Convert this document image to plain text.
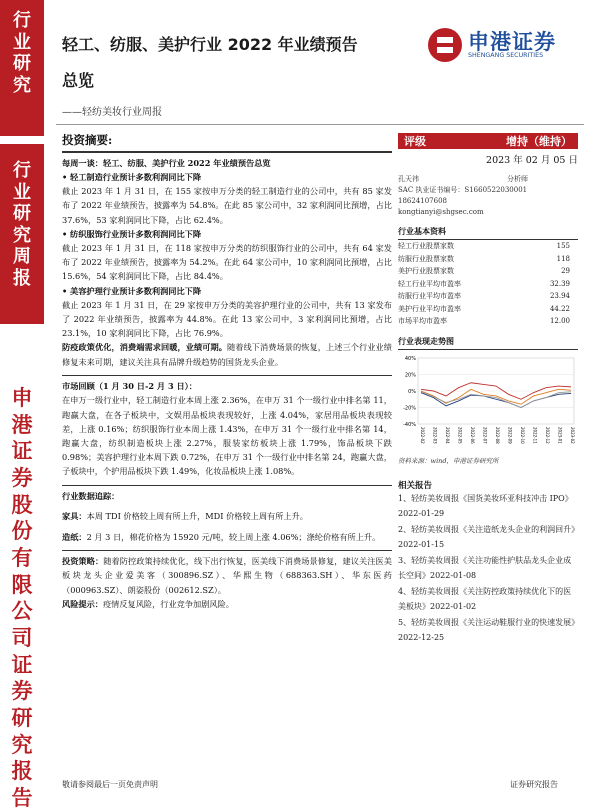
行
业
研
究
行
业
研
究
周
报
申
港
证
券
股
份
有
限
公
司
证
券
研
究
报
告
轻工、纺服、美护行业 2022 年业绩预告
总览
——轻纺美妆行业周报
申港证券
SHENGANG SECURITIES
投资摘要:

每周一谈：轻工、纺服、美护行业 2022 年业绩预告总览

• 轻工制造行业预计多数利润同比下降

截止 2023 年 1 月 31 日，在 155 家按申万分类的轻工制造行业的公司中，共有 85 家发布了 2022 年业绩预告，披露率为 54.8%。在此 85 家公司中，32 家利润同比預增，占比 37.6%，53 家利润同比下降，占比 62.4%。

• 纺织服饰行业预计多数利润同比下降

截止 2023 年 1 月 31 日，在 118 家按申万分类的纺织服饰行业的公司中，共有 64 家发布了 2022 年业绩预告，披露率为 54.2%。在此 64 家公司中，10 家利润同比預增，占比 15.6%，54 家利润同比下降，占比 84.4%。

• 美容护理行业预计多数利润同比下降

截止 2023 年 1 月 31 日，在 29 家按申万分类的美容护理行业的公司中，共有 13 家发布了 2022 年业绩预告，披露率为 44.8%。在此 13 家公司中，3 家利润同比預增，占比 23.1%，10 家利润同比下降，占比 76.9%。

防疫政策优化，消费端需求回暖，业绩可期。随着线下消费场景的恢复，上述三个行业业绩修复未来可期，建议关注具有品牌升级趋势的国货龙头企业。

市场回顾（1 月 30 日-2 月 3 日）：

在申万一级行业中，轻工制造行业本周上涨 2.36%，在申万 31 个一级行业中排名第 11，跑赢大盘，在各子板块中，文娱用品板块表现较好，上涨 4.04%，家居用品板块表现较差，上涨 0.16%；纺织服饰行业本周上涨 1.43%，在申万 31 个一级行业中排名第 14，跑赢大盘，纺织制造板块上涨 2.27%，服装家纺板块上涨 1.79%，饰品板块下跌 0.98%；美容护理行业本周下跌 0.72%，在申万 31 个一级行业中排名第 24，跑赢大盘，子板块中，个护用品板块下跌 1.49%，化妆品板块上涨 1.08%。

行业数据追踪：

家具：本周 TDI 价格较上周有所上升，MDI 价格较上周有所上升。

造纸：2 月 3 日，棉花价格为 15920 元/吨，较上周上涨 4.06%；涤纶价格有所上升。

投资策略：随着防控政策持续优化，线下出行恢复，医美线下消费场景修复，建议关注医美板块龙头企业爱美客（300896.SZ）、华熙生物（688363.SH）、华东医药（000963.SZ）、朗姿股份（002612.SZ）。

风险提示：疫情反复风险，行业竞争加剧风险。

评级	增持（维持）
2023 年 02 月 05 日
孔天祎	分析师
SAC 执业证书编号：S1660522030001
18624107608
kongtianyi@shgsec.com
行业基本资料
轻工行业股票家数	155
纺服行业股票家数	118
美护行业股票家数	29
轻工行业平均市盈率	32.39
纺服行业平均市盈率	23.94
美护行业平均市盈率	44.22
市场平均市盈率	12.00
行业表现走势图
40%
20%
0%
-20%
-40%
2022-02 2022-03 2022-04 2022-05 2022-06 2022-07 2022-08 2022-09 2022-10 2022-11 2022-12 2023-01 2023-02
资料来源：wind，申港证券研究所
相关报告
1、轻纺美妆周报《国货美妆环亚科技冲击 IPO》2022-01-29
2、轻纺美妆周报《关注造纸龙头企业的利润回升》2022-01-15
3、轻纺美妆周报《关注功能性护肤品龙头企业成长空间》2022-01-08
4、轻纺美妆周报《关注防控政策持续优化下的医美板块》2022-01-02
5、轻纺美妆周报《关注运动鞋服行业的快速发展》2022-12-25
敬请参阅最后一页免责声明	证券研究报告
